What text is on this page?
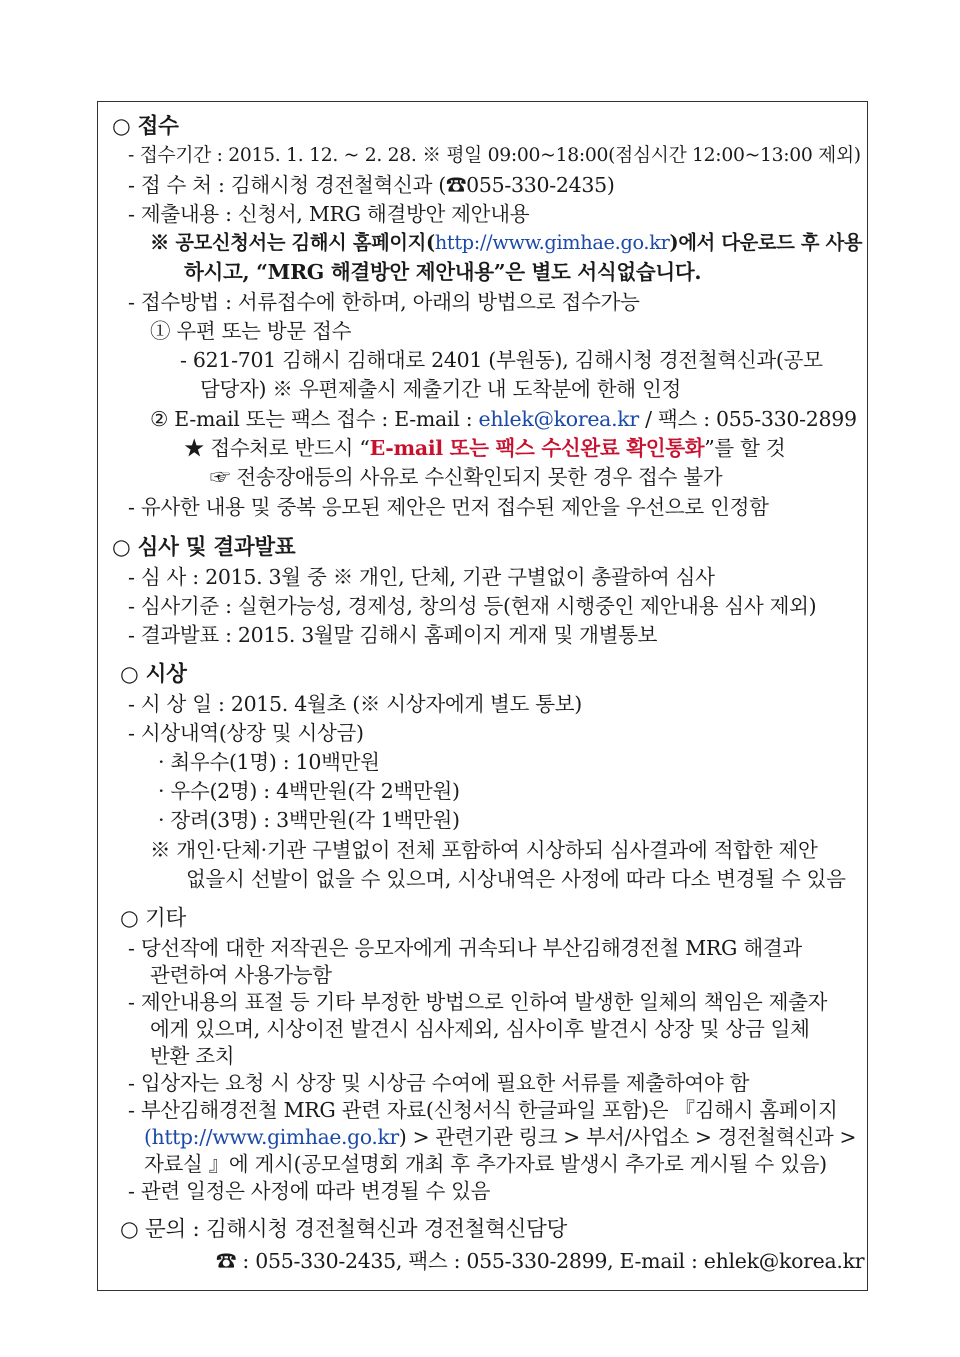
○ 접수
- 접수기간 : 2015. 1. 12. ~ 2. 28. ※ 평일 09:00~18:00(점심시간 12:00~13:00 제외)
- 접 수 처 : 김해시청 경전철혁신과 (☎055-330-2435)
- 제출내용 : 신청서, MRG 해결방안 제안내용
※ 공모신청서는 김해시 홈페이지(http://www.gimhae.go.kr)에서 다운로드 후 사용
하시고, “MRG 해결방안 제안내용”은 별도 서식없습니다.
- 접수방법 : 서류접수에 한하며, 아래의 방법으로 접수가능
① 우편 또는 방문 접수
- 621-701 김해시 김해대로 2401 (부원동), 김해시청 경전철혁신과(공모
담당자) ※ 우편제출시 제출기간 내 도착분에 한해 인정
② E-mail 또는 팩스 접수 : E-mail : ehlek@korea.kr / 팩스 : 055-330-2899
★ 접수처로 반드시 “E-mail 또는 팩스 수신완료 확인통화”를 할 것
☞ 전송장애등의 사유로 수신확인되지 못한 경우 접수 불가
- 유사한 내용 및 중복 응모된 제안은 먼저 접수된 제안을 우선으로 인정함
○ 심사 및 결과발표
- 심 사 : 2015. 3월 중 ※ 개인, 단체, 기관 구별없이 총괄하여 심사
- 심사기준 : 실현가능성, 경제성, 창의성 등(현재 시행중인 제안내용 심사 제외)
- 결과발표 : 2015. 3월말 김해시 홈페이지 게재 및 개별통보
○ 시상
- 시 상 일 : 2015. 4월초 (※ 시상자에게 별도 통보)
- 시상내역(상장 및 시상금)
· 최우수(1명) : 10백만원
· 우수(2명) : 4백만원(각 2백만원)
· 장려(3명) : 3백만원(각 1백만원)
※ 개인·단체·기관 구별없이 전체 포함하여 시상하되 심사결과에 적합한 제안
없을시 선발이 없을 수 있으며, 시상내역은 사정에 따라 다소 변경될 수 있음
○ 기타
- 당선작에 대한 저작권은 응모자에게 귀속되나 부산김해경전철 MRG 해결과
관련하여 사용가능함
- 제안내용의 표절 등 기타 부정한 방법으로 인하여 발생한 일체의 책임은 제출자
에게 있으며, 시상이전 발견시 심사제외, 심사이후 발견시 상장 및 상금 일체
반환 조치
- 입상자는 요청 시 상장 및 시상금 수여에 필요한 서류를 제출하여야 함
- 부산김해경전철 MRG 관련 자료(신청서식 한글파일 포함)은 『김해시 홈페이지
(http://www.gimhae.go.kr) > 관련기관 링크 > 부서/사업소 > 경전철혁신과 >
자료실 』에 게시(공모설명회 개최 후 추가자료 발생시 추가로 게시될 수 있음)
- 관련 일정은 사정에 따라 변경될 수 있음
○ 문의 : 김해시청 경전철혁신과 경전철혁신담당
☎ : 055-330-2435, 팩스 : 055-330-2899, E-mail : ehlek@korea.kr
